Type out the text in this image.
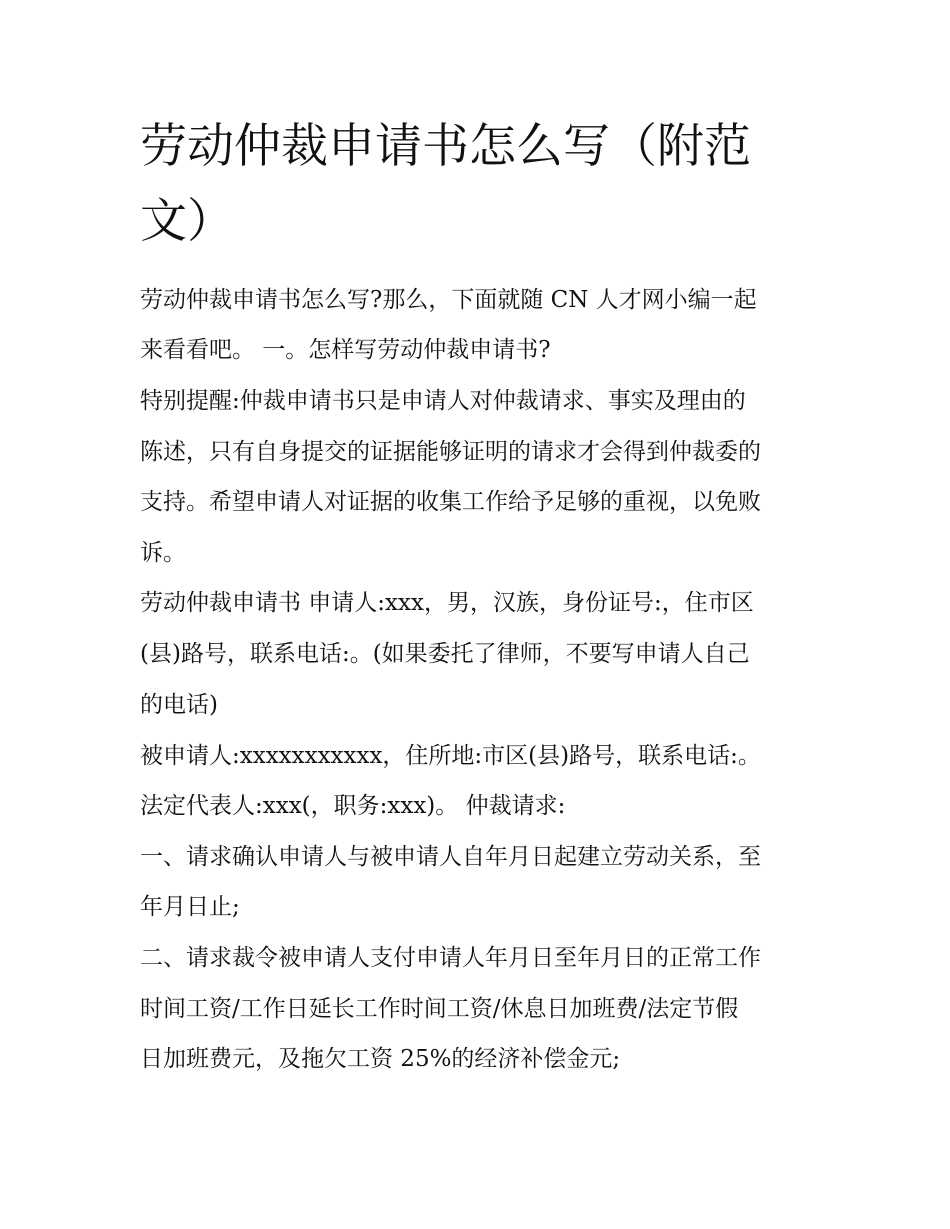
劳动仲裁申请书怎么写（附范
文）
劳动仲裁申请书怎么写?那么，下面就随 CN 人才网小编一起
来看看吧。 一。怎样写劳动仲裁申请书?
特别提醒:仲裁申请书只是申请人对仲裁请求、事实及理由的
陈述，只有自身提交的证据能够证明的请求才会得到仲裁委的
支持。希望申请人对证据的收集工作给予足够的重视，以免败
诉。
劳动仲裁申请书 申请人:xxx，男，汉族，身份证号:，住市区
(县)路号，联系电话:。(如果委托了律师，不要写申请人自己
的电话)
被申请人:xxxxxxxxxxx，住所地:市区(县)路号，联系电话:。
法定代表人:xxx(，职务:xxx)。 仲裁请求:
一、请求确认申请人与被申请人自年月日起建立劳动关系，至
年月日止;
二、请求裁令被申请人支付申请人年月日至年月日的正常工作
时间工资/工作日延长工作时间工资/休息日加班费/法定节假
日加班费元，及拖欠工资 25%的经济补偿金元;
